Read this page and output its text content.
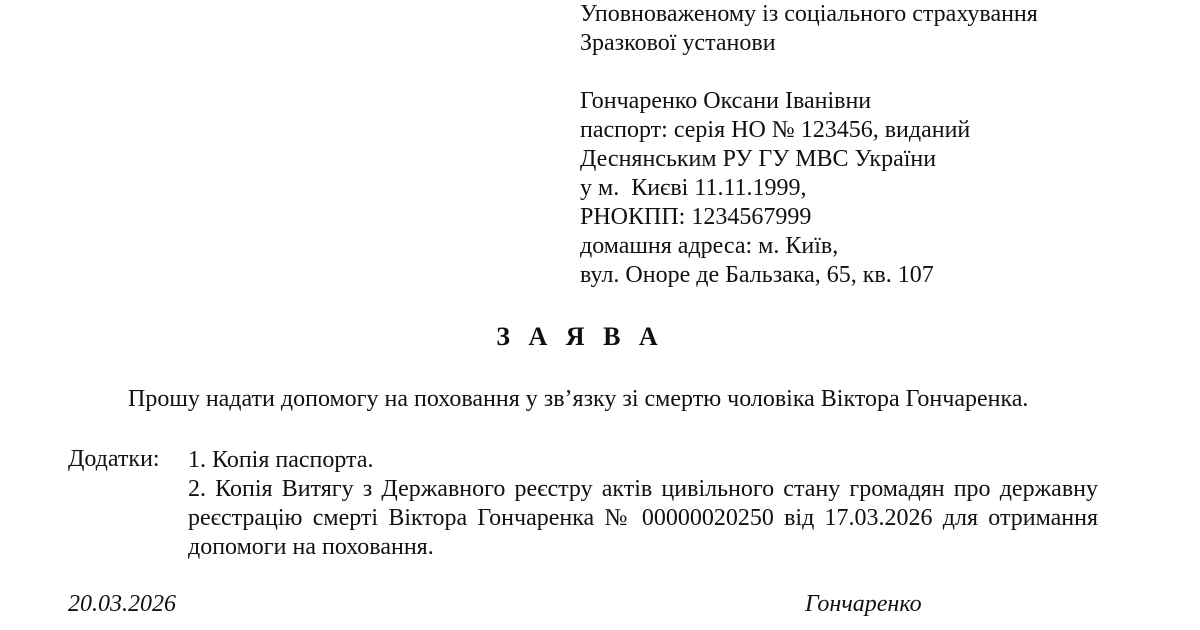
Уповноваженому із соціального страхування
Зразкової установи
Гончаренко Оксани Іванівни
паспорт: серія НО № 123456, виданий
Деснянським РУ ГУ МВС України
у м.  Києві 11.11.1999,
РНОКПП: 1234567999
домашня адреса: м. Київ,
вул. Оноре де Бальзака, 65, кв. 107
З А Я В А
Прошу надати допомогу на поховання у зв’язку зі смертю чоловіка Віктора Гончаренка.
Додатки: 1. Копія паспорта.
2. Копія Витягу з Державного реєстру актів цивільного стану громадян про державну реєстрацію смерті Віктора Гончаренка № 00000020250 від 17.03.2026 для отримання допомоги на поховання.
20.03.2026	Гончаренко
